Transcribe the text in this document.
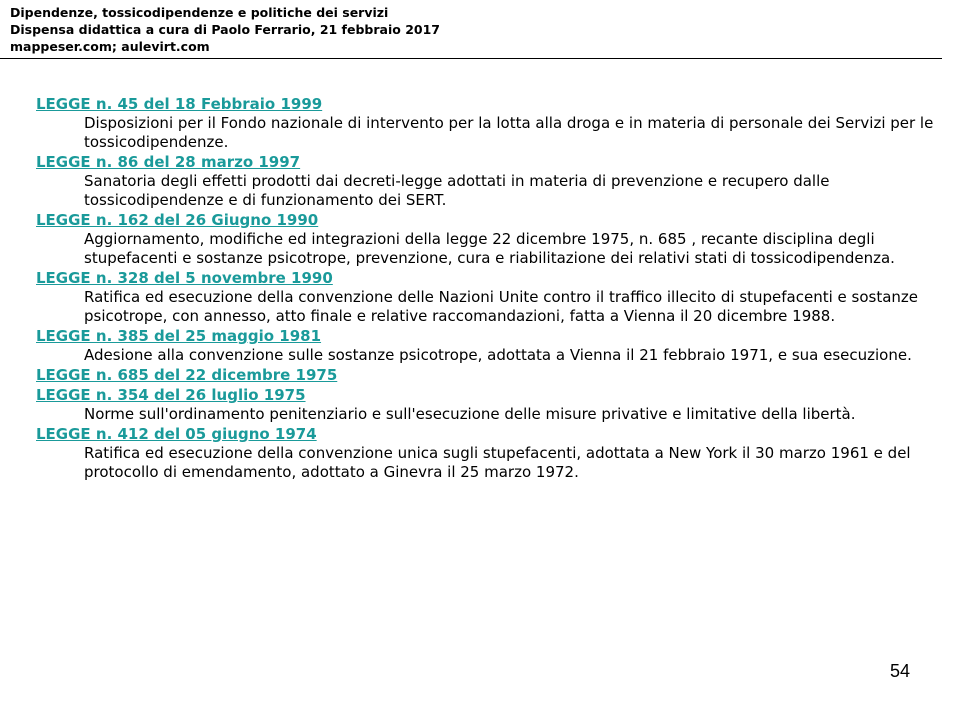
Dipendenze, tossicodipendenze e politiche dei servizi
Dispensa didattica a cura di Paolo Ferrario, 21 febbraio 2017
mappeser.com; aulevirt.com
LEGGE n. 45 del 18 Febbraio 1999

Disposizioni per il Fondo nazionale di intervento per la lotta alla droga e in materia di personale dei Servizi per le tossicodipendenze.

LEGGE n. 86 del 28 marzo 1997

Sanatoria degli effetti prodotti dai decreti-legge adottati in materia di prevenzione e recupero dalle tossicodipendenze e di funzionamento dei SERT.

LEGGE n. 162 del 26 Giugno 1990

Aggiornamento, modifiche ed integrazioni della legge 22 dicembre 1975, n. 685 , recante disciplina degli stupefacenti e sostanze psicotrope, prevenzione, cura e riabilitazione dei relativi stati di tossicodipendenza.

LEGGE n. 328 del 5 novembre 1990

Ratifica ed esecuzione della convenzione delle Nazioni Unite contro il traffico illecito di stupefacenti e sostanze psicotrope, con annesso, atto finale e relative raccomandazioni, fatta a Vienna il 20 dicembre 1988.

LEGGE n. 385 del 25 maggio 1981

Adesione alla convenzione sulle sostanze psicotrope, adottata a Vienna il 21 febbraio 1971, e sua esecuzione.

LEGGE n. 685 del 22 dicembre 1975
LEGGE n. 354 del 26 luglio 1975

Norme sull'ordinamento penitenziario e sull'esecuzione delle misure privative e limitative della libertà.

LEGGE n. 412 del 05 giugno 1974

Ratifica ed esecuzione della convenzione unica sugli stupefacenti, adottata a New York il 30 marzo 1961 e del protocollo di emendamento, adottato a Ginevra il 25 marzo 1972.

54
